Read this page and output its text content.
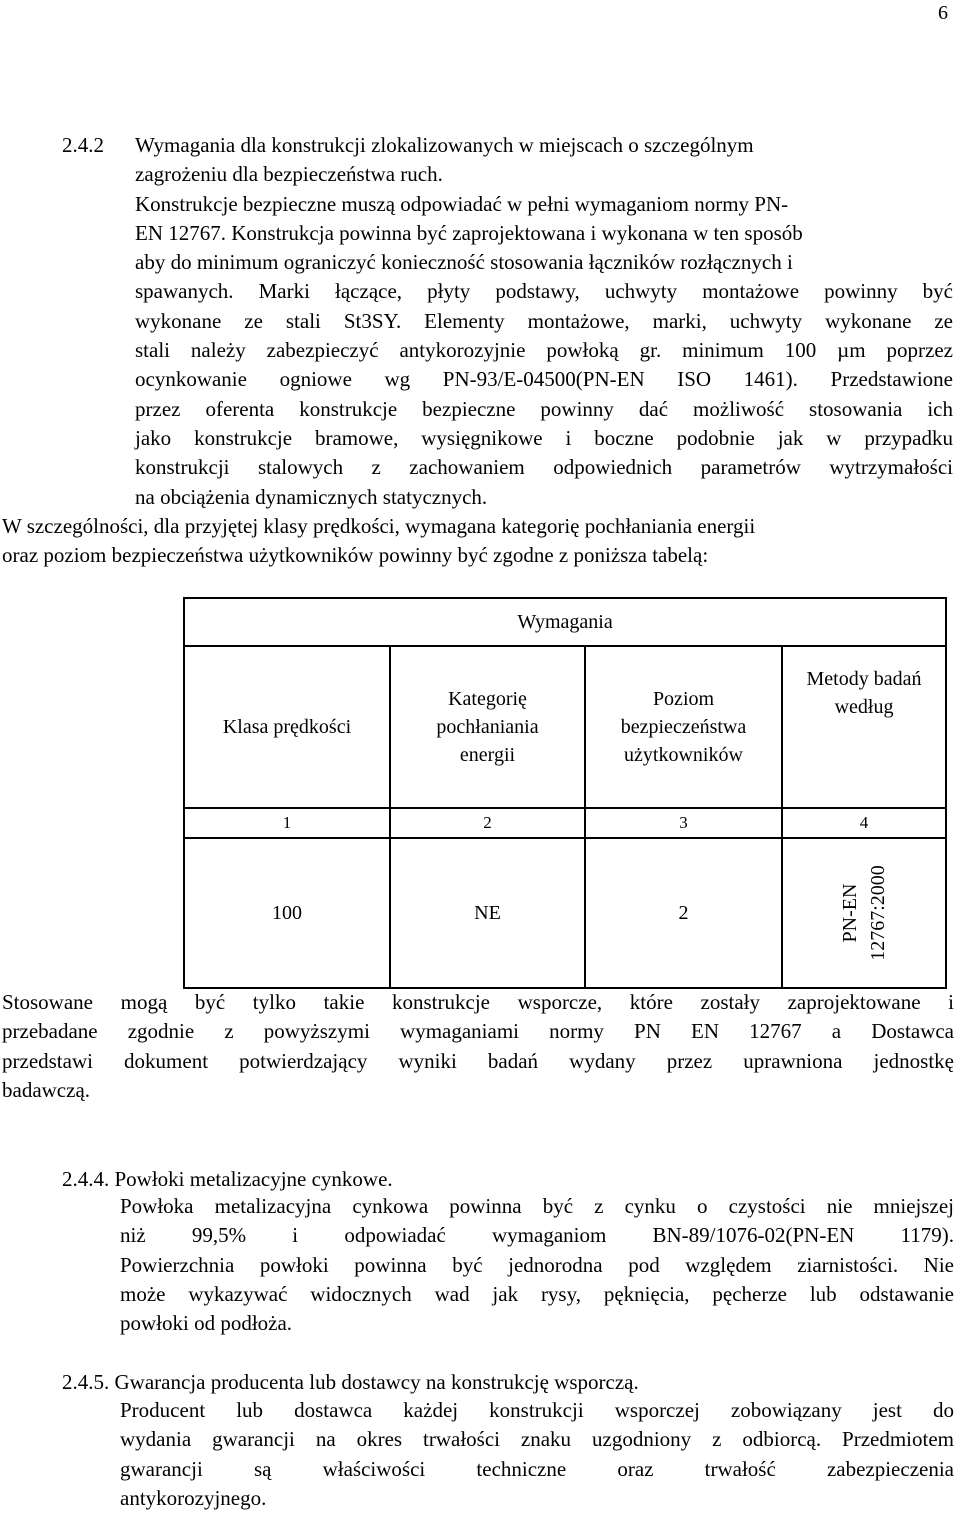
6
2.4.2 Wymagania dla konstrukcji zlokalizowanych w miejscach o szczególnym
zagrożeniu dla bezpieczeństwa ruch.
Konstrukcje bezpieczne muszą odpowiadać w pełni wymaganiom normy PN-
EN 12767. Konstrukcja powinna być zaprojektowana i wykonana w ten sposób
aby do minimum ograniczyć konieczność stosowania łączników rozłącznych i
spawanych. Marki łączące, płyty podstawy, uchwyty montażowe powinny być
wykonane ze stali St3SY. Elementy montażowe, marki, uchwyty wykonane ze
stali należy zabezpieczyć antykorozyjnie powłoką gr. minimum 100 µm poprzez
ocynkowanie ogniowe wg PN-93/E-04500(PN-EN ISO 1461). Przedstawione
przez oferenta konstrukcje bezpieczne powinny dać możliwość stosowania ich
jako konstrukcje bramowe, wysięgnikowe i boczne podobnie jak w przypadku
konstrukcji stalowych z zachowaniem odpowiednich parametrów wytrzymałości
na obciążenia dynamicznych statycznych.
W szczególności, dla przyjętej klasy prędkości, wymagana kategorię pochłaniania energii
oraz poziom bezpieczeństwa użytkowników powinny być zgodne z poniższa tabelą:
Wymagania			
Klasa prędkości	Kategorię pochłaniania energii	Poziom bezpieczeństwa użytkowników	Metody badań według

1	2	3	4
100	NE	2	PN-EN 12767:2000
Stosowane mogą być tylko takie konstrukcje wsporcze, które zostały zaprojektowane i
przebadane zgodnie z powyższymi wymaganiami normy PN EN 12767 a Dostawca
przedstawi dokument potwierdzający wyniki badań wydany przez uprawniona jednostkę
badawczą.
2.4.4. Powłoki metalizacyjne cynkowe.
Powłoka metalizacyjna cynkowa powinna być z cynku o czystości nie mniejszej
niż 99,5% i odpowiadać wymaganiom BN-89/1076-02(PN-EN 1179).
Powierzchnia powłoki powinna być jednorodna pod względem ziarnistości. Nie
może wykazywać widocznych wad jak rysy, pęknięcia, pęcherze lub odstawanie
powłoki od podłoża.
2.4.5. Gwarancja producenta lub dostawcy na konstrukcję wsporczą.
Producent lub dostawca każdej konstrukcji wsporczej zobowiązany jest do
wydania gwarancji na okres trwałości znaku uzgodniony z odbiorcą. Przedmiotem
gwarancji są właściwości techniczne oraz trwałość zabezpieczenia
antykorozyjnego.
